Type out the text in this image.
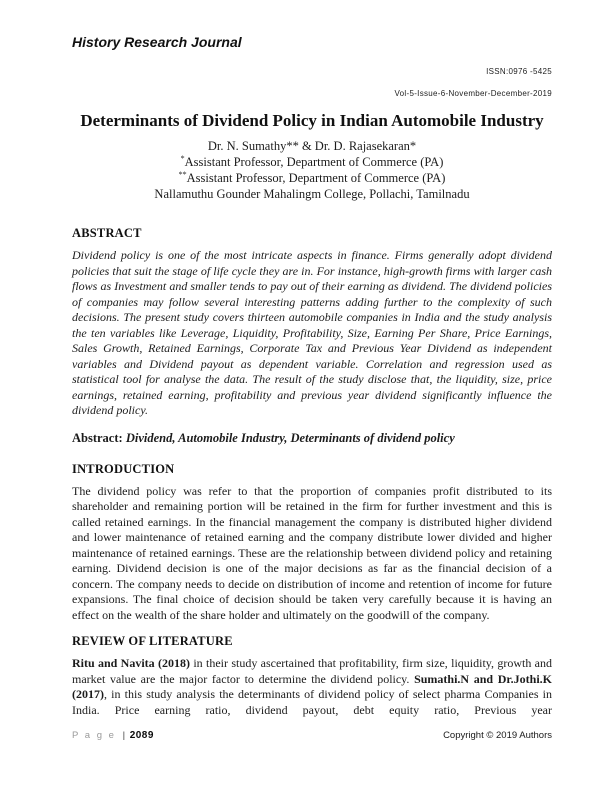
History Research Journal
ISSN:0976 -5425
Vol-5-Issue-6-November-December-2019
Determinants of Dividend Policy in Indian Automobile Industry
Dr. N. Sumathy** & Dr. D. Rajasekaran*
*Assistant Professor, Department of Commerce (PA)
**Assistant Professor, Department of Commerce (PA)
Nallamuthu Gounder Mahalingm College, Pollachi, Tamilnadu
ABSTRACT

Dividend policy is one of the most intricate aspects in finance. Firms generally adopt dividend policies that suit the stage of life cycle they are in. For instance, high-growth firms with larger cash flows as Investment and smaller tends to pay out of their earning as dividend. The dividend policies of companies may follow several interesting patterns adding further to the complexity of such decisions. The present study covers thirteen automobile companies in India and the study analysis the ten variables like Leverage, Liquidity, Profitability, Size, Earning Per Share, Price Earnings, Sales Growth, Retained Earnings, Corporate Tax and Previous Year Dividend as independent variables and Dividend payout as dependent variable. Correlation and regression used as statistical tool for analyse the data. The result of the study disclose that, the liquidity, size, price earnings, retained earning, profitability and previous year dividend significantly influence the dividend policy.

Abstract: Dividend, Automobile Industry, Determinants of dividend policy
INTRODUCTION

The dividend policy was refer to that the proportion of companies profit distributed to its shareholder and remaining portion will be retained in the firm for further investment and this is called retained earnings. In the financial management the company is distributed higher dividend and lower maintenance of retained earning and the company distribute lower divided and higher maintenance of retained earnings. These are the relationship between dividend policy and retaining earning. Dividend decision is one of the major decisions as far as the financial decision of a concern. The company needs to decide on distribution of income and retention of income for future expansions. The final choice of decision should be taken very carefully because it is having an effect on the wealth of the share holder and ultimately on the goodwill of the company.

REVIEW OF LITERATURE

Ritu and Navita (2018) in their study ascertained that profitability, firm size, liquidity, growth and market value are the major factor to determine the dividend policy. Sumathi.N and Dr.Jothi.K (2017), in this study analysis the determinants of dividend policy of select pharma Companies in India. Price earning ratio, dividend payout, debt equity ratio, Previous year

P a g e | 2089	Copyright © 2019 Authors
